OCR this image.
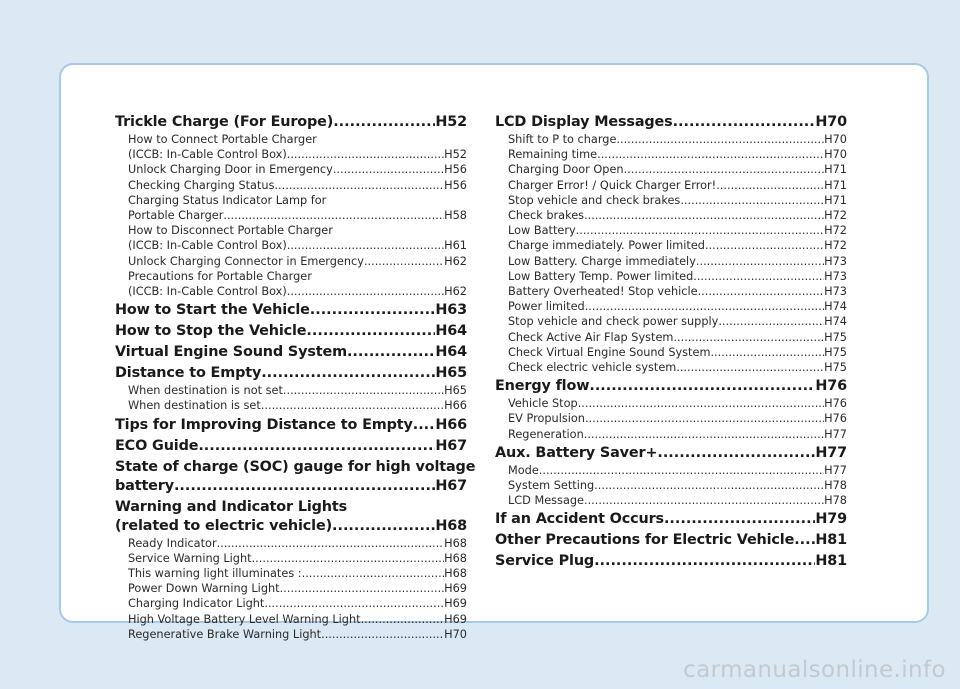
Trickle Charge (For Europe) .....	H52
How to Connect Portable Charger
(ICCB: In-Cable Control Box) .....	H52
Unlock Charging Door in Emergency .....	H56
Checking Charging Status .....	H56
Charging Status Indicator Lamp for
Portable Charger .....	H58
How to Disconnect Portable Charger
(ICCB: In-Cable Control Box) .....	H61
Unlock Charging Connector in Emergency .....	H62
Precautions for Portable Charger
(ICCB: In-Cable Control Box) .....	H62
How to Start the Vehicle .....	H63
How to Stop the Vehicle .....	H64
Virtual Engine Sound System .....	H64
Distance to Empty .....	H65
When destination is not set .....	H65
When destination is set .....	H66
Tips for Improving Distance to Empty ..... H66
ECO Guide .....	H67
State of charge (SOC) gauge for high voltage
battery .....	H67
Warning and Indicator Lights
(related to electric vehicle) .....	H68
Ready Indicator .....	H68
Service Warning Light .....	H68
This warning light illuminates : .....	H68
Power Down Warning Light .....	H69
Charging Indicator Light .....	H69
High Voltage Battery Level Warning Light .....	H69
Regenerative Brake Warning Light .....	H70
LCD Display Messages .....	H70
Shift to P to charge .....	H70
Remaining time .....	H70
Charging Door Open .....	H71
Charger Error! / Quick Charger Error! .....	H71
Stop vehicle and check brakes .....	H71
Check brakes .....	H72
Low Battery .....	H72
Charge immediately. Power limited .....	H72
Low Battery. Charge immediately .....	H73
Low Battery Temp. Power limited .....	H73
Battery Overheated! Stop vehicle .....	H73
Power limited .....	H74
Stop vehicle and check power supply .....	H74
Check Active Air Flap System .....	H75
Check Virtual Engine Sound System .....	H75
Check electric vehicle system .....	H75
Energy flow .....	H76
Vehicle Stop .....	H76
EV Propulsion .....	H76
Regeneration .....	H77
Aux. Battery Saver+ .....	H77
Mode .....	H77
System Setting .....	H78
LCD Message .....	H78
If an Accident Occurs .....	H79
Other Precautions for Electric Vehicle ..... H81
Service Plug .....	H81
carmanualsonline.info
